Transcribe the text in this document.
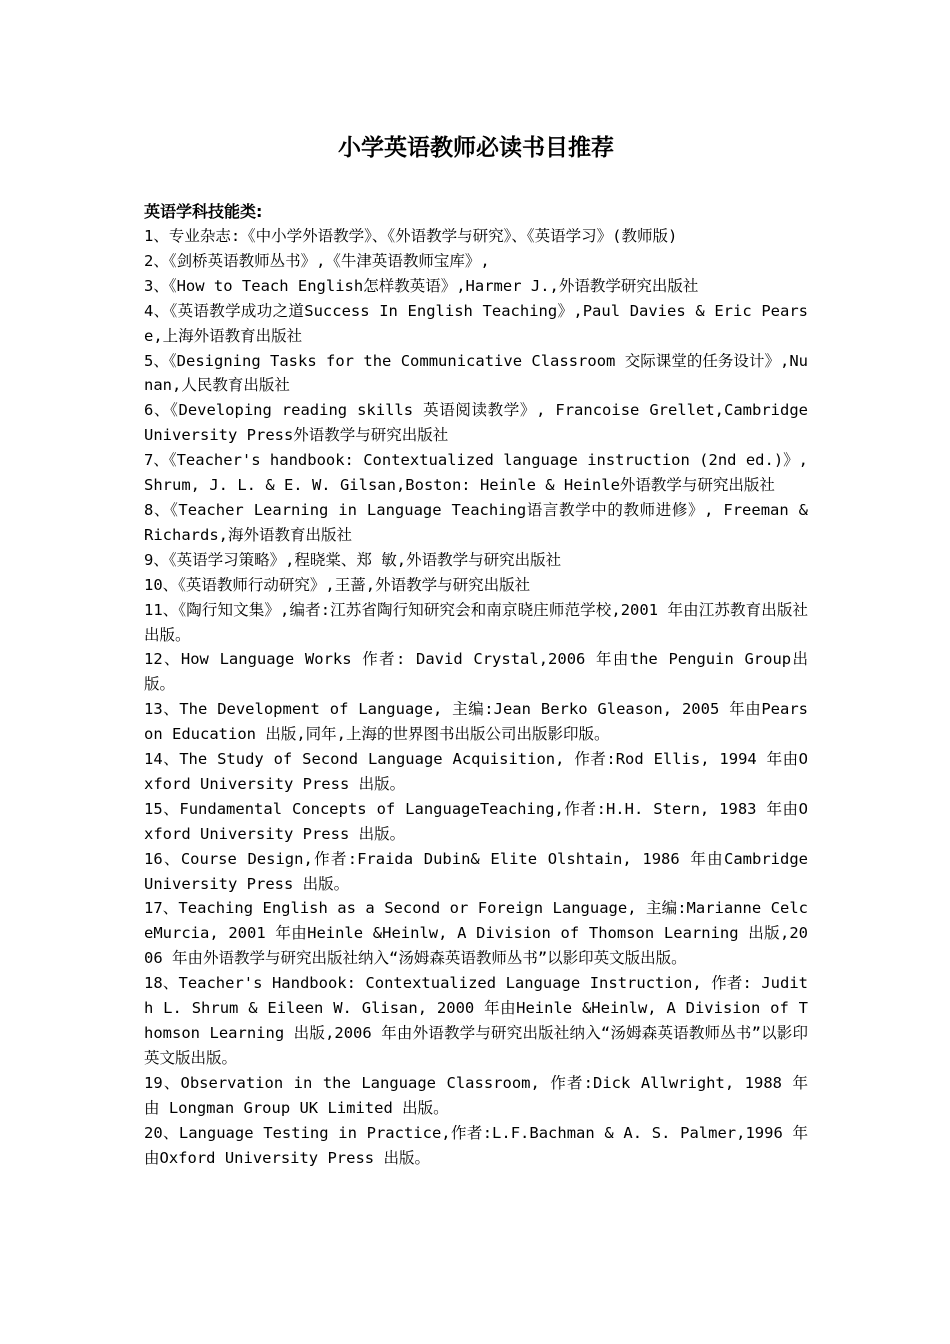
小学英语教师必读书目推荐
英语学科技能类:
1、专业杂志:《中小学外语教学》、《外语教学与研究》、《英语学习》(教师版)
2、《剑桥英语教师丛书》,《牛津英语教师宝库》,
3、《How to Teach English怎样教英语》,Harmer J.,外语教学研究出版社
4、《英语教学成功之道Success In English Teaching》,Paul Davies & Eric Pearse,上海外语教育出版社
5、《Designing Tasks for the Communicative Classroom 交际课堂的任务设计》,Nunan,人民教育出版社
6、《Developing reading skills 英语阅读教学》, Francoise Grellet,Cambridge University Press外语教学与研究出版社
7、《Teacher's handbook: Contextualized language instruction (2nd ed.)》,Shrum, J. L. & E. W. Gilsan,Boston: Heinle & Heinle外语教学与研究出版社
8、《Teacher Learning in Language Teaching语言教学中的教师进修》, Freeman & Richards,海外语教育出版社
9、《英语学习策略》,程晓棠、郑 敏,外语教学与研究出版社
10、《英语教师行动研究》,王蔷,外语教学与研究出版社
11、《陶行知文集》,编者:江苏省陶行知研究会和南京晓庄师范学校,2001 年由江苏教育出版社出版。
12、How Language Works 作者: David Crystal,2006 年由the Penguin Group出版。
13、The Development of Language, 主编:Jean Berko Gleason, 2005 年由Pearson Education 出版,同年,上海的世界图书出版公司出版影印版。
14、The Study of Second Language Acquisition, 作者:Rod Ellis, 1994 年由Oxford University Press 出版。
15、Fundamental Concepts of LanguageTeaching,作者:H.H. Stern, 1983 年由Oxford University Press 出版。
16、Course Design,作者:Fraida Dubin& Elite Olshtain, 1986 年由Cambridge University Press 出版。
17、Teaching English as a Second or Foreign Language, 主编:Marianne CelceMurcia, 2001 年由Heinle &Heinlw, A Division of Thomson Learning 出版,2006 年由外语教学与研究出版社纳入“汤姆森英语教师丛书”以影印英文版出版。
18、Teacher's Handbook: Contextualized Language Instruction, 作者: Judith L. Shrum & Eileen W. Glisan, 2000 年由Heinle &Heinlw, A Division of Thomson Learning 出版,2006 年由外语教学与研究出版社纳入“汤姆森英语教师丛书”以影印英文版出版。
19、Observation in the Language Classroom, 作者:Dick Allwright, 1988 年由 Longman Group UK Limited 出版。
20、Language Testing in Practice,作者:L.F.Bachman & A. S. Palmer,1996 年由Oxford University Press 出版。
